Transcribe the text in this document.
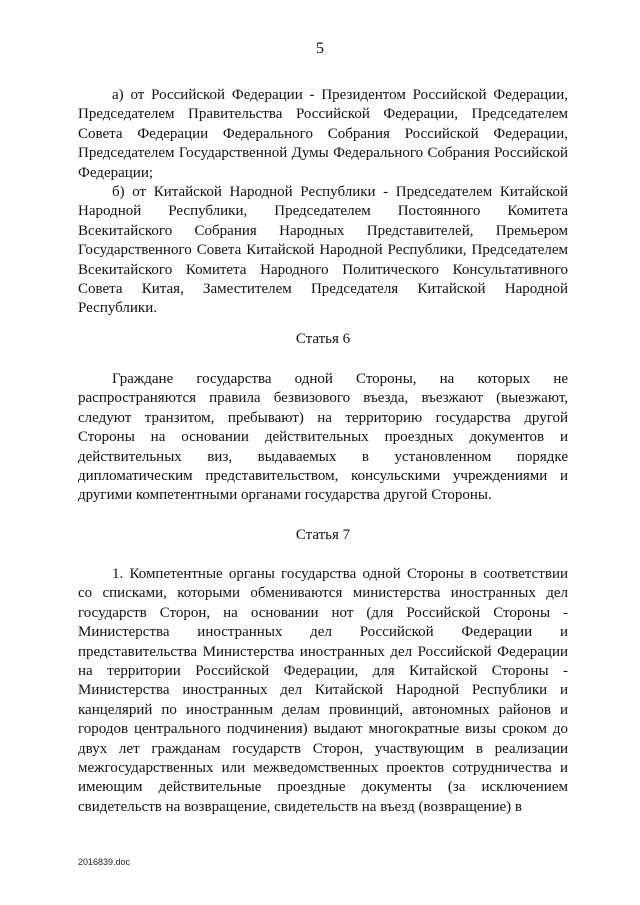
5

а) от Российской Федерации - Президентом Российской Федерации, Председателем Правительства Российской Федерации, Председателем Совета Федерации Федерального Собрания Российской Федерации, Председателем Государственной Думы Федерального Собрания Российской Федерации;

б) от Китайской Народной Республики - Председателем Китайской Народной Республики, Председателем Постоянного Комитета Всекитайского Собрания Народных Представителей, Премьером Государственного Совета Китайской Народной Республики, Председателем Всекитайского Комитета Народного Политического Консультативного Совета Китая, Заместителем Председателя Китайской Народной Республики.

Статья 6

Граждане государства одной Стороны, на которых не распространяются правила безвизового въезда, въезжают (выезжают, следуют транзитом, пребывают) на территорию государства другой Стороны на основании действительных проездных документов и действительных виз, выдаваемых в установленном порядке дипломатическим представительством, консульскими учреждениями и другими компетентными органами государства другой Стороны.

Статья 7

1. Компетентные органы государства одной Стороны в соответствии со списками, которыми обмениваются министерства иностранных дел государств Сторон, на основании нот (для Российской Стороны - Министерства иностранных дел Российской Федерации и представительства Министерства иностранных дел Российской Федерации на территории Российской Федерации, для Китайской Стороны - Министерства иностранных дел Китайской Народной Республики и канцелярий по иностранным делам провинций, автономных районов и городов центрального подчинения) выдают многократные визы сроком до двух лет гражданам государств Сторон, участвующим в реализации межгосударственных или межведомственных проектов сотрудничества и имеющим действительные проездные документы (за исключением свидетельств на возвращение, свидетельств на въезд (возвращение) в

2016839.doc
